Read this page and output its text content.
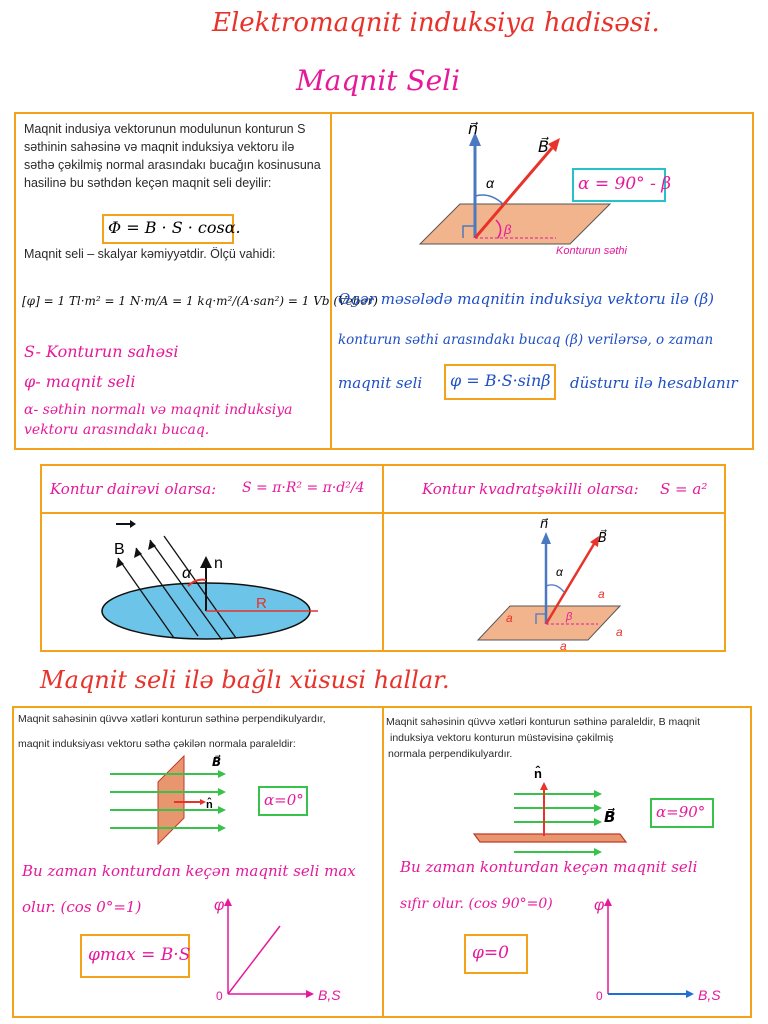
Elektromaqnit induksiya hadisəsi.
Maqnit Seli
Maqnit indusiya vektorunun modulunun konturun S səthinin sahəsinə və maqnit induksiya vektoru ilə səthə çəkilmiş normal arasındakı bucağın kosinusuna hasilinə bu səthdən keçən maqnit seli deyilir:
Φ = B · S · cosα.
Maqnit seli – skalyar kəmiyyətdir. Ölçü vahidi:
[φ] = 1 Tl·m² = 1 N·m/A = 1 kq·m²/(A·san²) = 1 Vb (Veber)
S- Konturun sahəsi
φ- maqnit seli
α- səthin normalı və maqnit induksiya vektoru arasındakı bucaq.
n⃗
B⃗
α
β
Konturun səthi
α = 90° - β
Əgər məsələdə maqnitin induksiya vektoru ilə (β)
konturun səthi arasındakı bucaq (β) verilərsə, o zaman
maqnit seli φ = B·S·sinβ düsturu ilə hesablanır
Kontur dairəvi olarsa: S = π·R² = π·d²/4	Kontur kvadratşəkilli olarsa: S = a²
B
n
α
R
n⃗
B⃗
α
β
a
a
a
a
Maqnit seli ilə bağlı xüsusi hallar.
Maqnit sahəsinin qüvvə xətləri konturun səthinə perpendikulyardır,
maqnit induksiyası vektoru səthə çəkilən normala paraleldir:
B⃗
n̂	α=0°
Bu zaman konturdan keçən maqnit seli max
olur. (cos 0°=1)
φmax = B·S
φ
B,S
0
Maqnit sahəsinin qüvvə xətləri konturun səthinə paraleldir, B maqnit
induksiya vektoru konturun müstəvisinə çəkilmiş
normala perpendikulyardır.
n̂
B⃗	α=90°
Bu zaman konturdan keçən maqnit seli
sıfır olur. (cos 90°=0)
φ=0
φ
B,S
0
